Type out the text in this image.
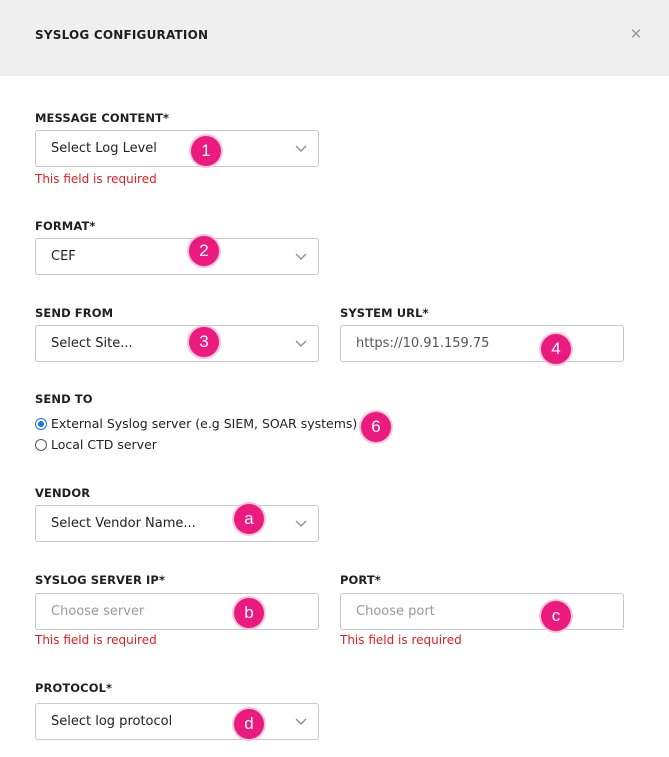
SYSLOG CONFIGURATION	✕
MESSAGE CONTENT*
Select Log Level	1
This field is required
FORMAT*
CEF	2
SEND FROM
Select Site...	3
SYSTEM URL*
https://10.91.159.75	4
SEND TO
External Syslog server (e.g SIEM, SOAR systems)
Local CTD server
6
VENDOR
Select Vendor Name...	a
SYSLOG SERVER IP*
Choose server	b
This field is required
PORT*
Choose port	c
This field is required
PROTOCOL*
Select log protocol	d
